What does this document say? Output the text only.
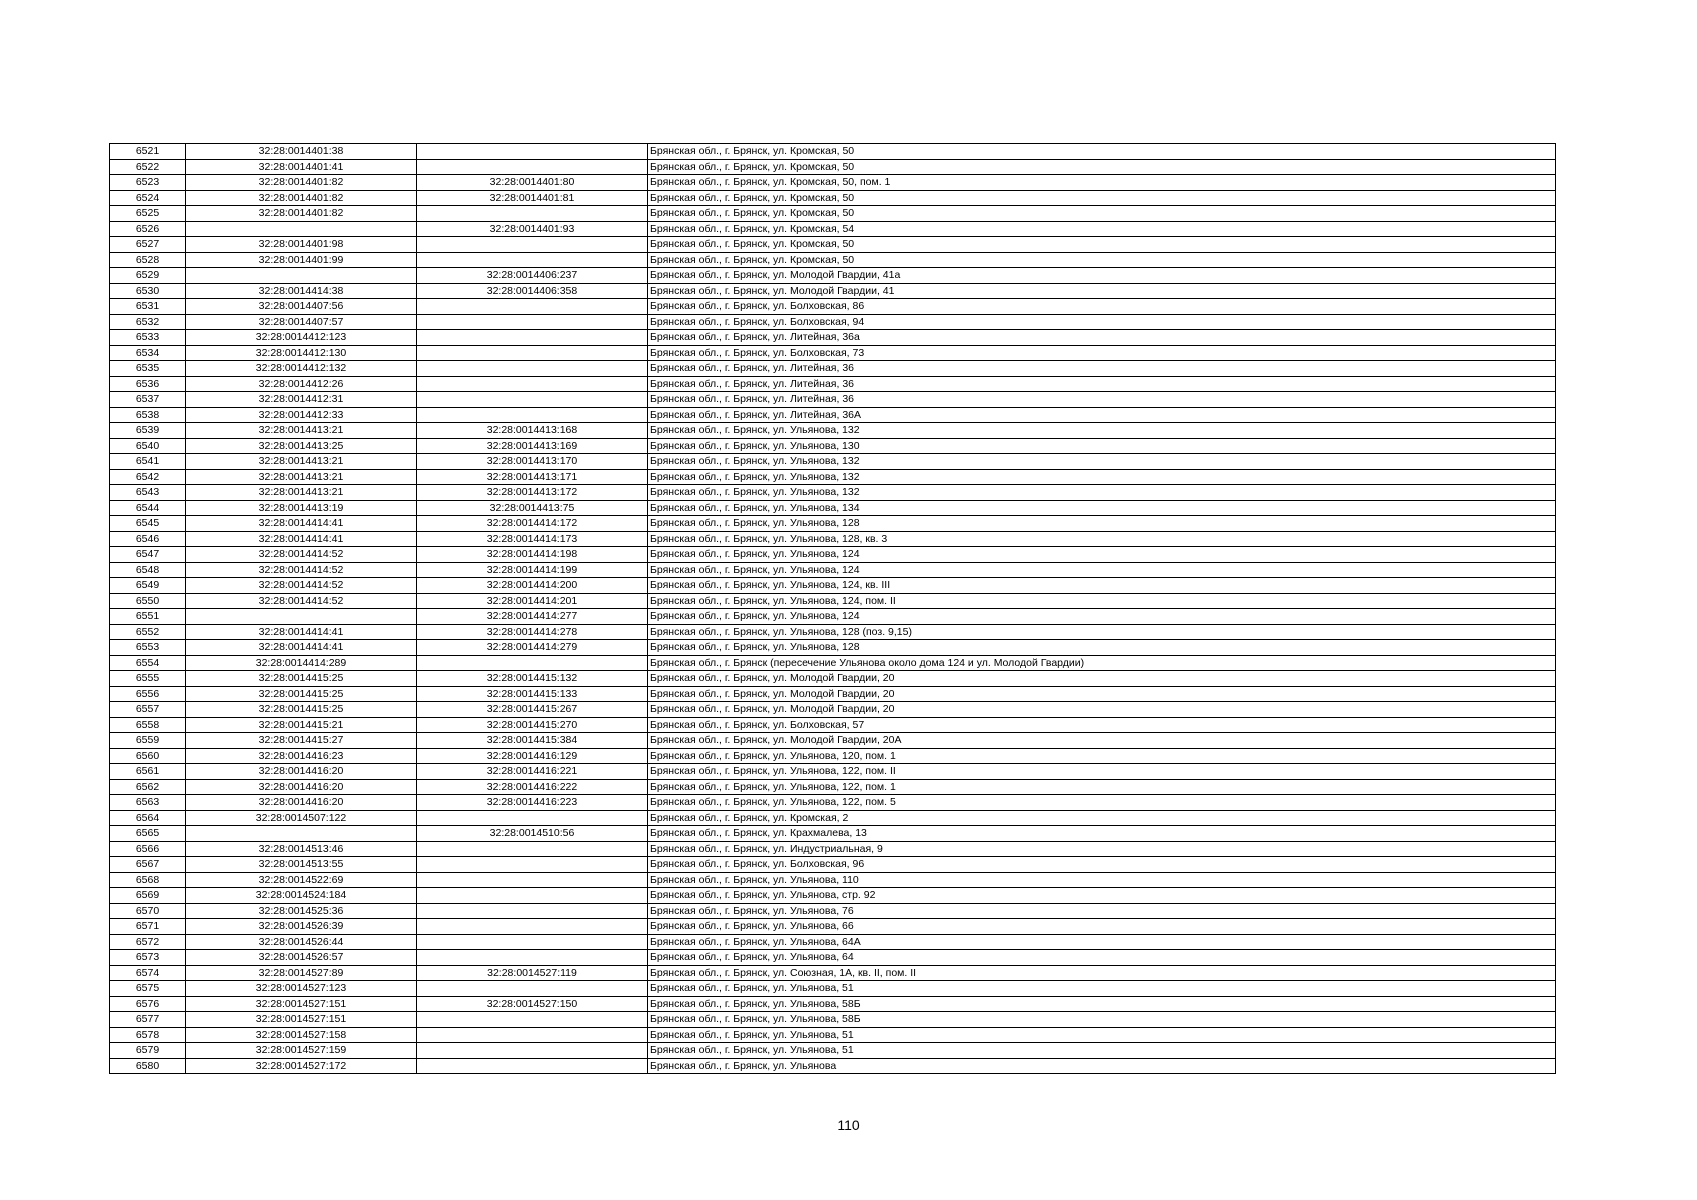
6521	32:28:0014401:38		Брянская обл., г. Брянск, ул. Кромская, 50
6522	32:28:0014401:41		Брянская обл., г. Брянск, ул. Кромская, 50
6523	32:28:0014401:82	32:28:0014401:80	Брянская обл., г. Брянск, ул. Кромская, 50, пом. 1
6524	32:28:0014401:82	32:28:0014401:81	Брянская обл., г. Брянск, ул. Кромская, 50
6525	32:28:0014401:82		Брянская обл., г. Брянск, ул. Кромская, 50
6526		32:28:0014401:93	Брянская обл., г. Брянск, ул. Кромская, 54
6527	32:28:0014401:98		Брянская обл., г. Брянск, ул. Кромская, 50
6528	32:28:0014401:99		Брянская обл., г. Брянск, ул. Кромская, 50
6529		32:28:0014406:237	Брянская обл., г. Брянск, ул. Молодой Гвардии, 41а
6530	32:28:0014414:38	32:28:0014406:358	Брянская обл., г. Брянск, ул. Молодой Гвардии, 41
6531	32:28:0014407:56		Брянская обл., г. Брянск, ул. Болховская, 86
6532	32:28:0014407:57		Брянская обл., г. Брянск, ул. Болховская, 94
6533	32:28:0014412:123		Брянская обл., г. Брянск, ул. Литейная, 36а
6534	32:28:0014412:130		Брянская обл., г. Брянск, ул. Болховская, 73
6535	32:28:0014412:132		Брянская обл., г. Брянск, ул. Литейная, 36
6536	32:28:0014412:26		Брянская обл., г. Брянск, ул. Литейная, 36
6537	32:28:0014412:31		Брянская обл., г. Брянск, ул. Литейная, 36
6538	32:28:0014412:33		Брянская обл., г. Брянск, ул. Литейная, 36А
6539	32:28:0014413:21	32:28:0014413:168	Брянская обл., г. Брянск, ул. Ульянова, 132
6540	32:28:0014413:25	32:28:0014413:169	Брянская обл., г. Брянск, ул. Ульянова, 130
6541	32:28:0014413:21	32:28:0014413:170	Брянская обл., г. Брянск, ул. Ульянова, 132
6542	32:28:0014413:21	32:28:0014413:171	Брянская обл., г. Брянск, ул. Ульянова, 132
6543	32:28:0014413:21	32:28:0014413:172	Брянская обл., г. Брянск, ул. Ульянова, 132
6544	32:28:0014413:19	32:28:0014413:75	Брянская обл., г. Брянск, ул. Ульянова, 134
6545	32:28:0014414:41	32:28:0014414:172	Брянская обл., г. Брянск, ул. Ульянова, 128
6546	32:28:0014414:41	32:28:0014414:173	Брянская обл., г. Брянск, ул. Ульянова, 128, кв. 3
6547	32:28:0014414:52	32:28:0014414:198	Брянская обл., г. Брянск, ул. Ульянова, 124
6548	32:28:0014414:52	32:28:0014414:199	Брянская обл., г. Брянск, ул. Ульянова, 124
6549	32:28:0014414:52	32:28:0014414:200	Брянская обл., г. Брянск, ул. Ульянова, 124, кв. III
6550	32:28:0014414:52	32:28:0014414:201	Брянская обл., г. Брянск, ул. Ульянова, 124, пом. II
6551		32:28:0014414:277	Брянская обл., г. Брянск, ул. Ульянова, 124
6552	32:28:0014414:41	32:28:0014414:278	Брянская обл., г. Брянск, ул. Ульянова, 128 (поз. 9,15)
6553	32:28:0014414:41	32:28:0014414:279	Брянская обл., г. Брянск, ул. Ульянова, 128
6554	32:28:0014414:289		Брянская обл., г. Брянск (пересечение Ульянова около дома 124 и ул. Молодой Гвардии)
6555	32:28:0014415:25	32:28:0014415:132	Брянская обл., г. Брянск, ул. Молодой Гвардии, 20
6556	32:28:0014415:25	32:28:0014415:133	Брянская обл., г. Брянск, ул. Молодой Гвардии, 20
6557	32:28:0014415:25	32:28:0014415:267	Брянская обл., г. Брянск, ул. Молодой Гвардии, 20
6558	32:28:0014415:21	32:28:0014415:270	Брянская обл., г. Брянск, ул. Болховская, 57
6559	32:28:0014415:27	32:28:0014415:384	Брянская обл., г. Брянск, ул. Молодой Гвардии, 20А
6560	32:28:0014416:23	32:28:0014416:129	Брянская обл., г. Брянск, ул. Ульянова, 120, пом. 1
6561	32:28:0014416:20	32:28:0014416:221	Брянская обл., г. Брянск, ул. Ульянова, 122, пом. II
6562	32:28:0014416:20	32:28:0014416:222	Брянская обл., г. Брянск, ул. Ульянова, 122, пом. 1
6563	32:28:0014416:20	32:28:0014416:223	Брянская обл., г. Брянск, ул. Ульянова, 122, пом. 5
6564	32:28:0014507:122		Брянская обл., г. Брянск, ул. Кромская, 2
6565		32:28:0014510:56	Брянская обл., г. Брянск, ул. Крахмалева, 13
6566	32:28:0014513:46		Брянская обл., г. Брянск, ул. Индустриальная, 9
6567	32:28:0014513:55		Брянская обл., г. Брянск, ул. Болховская, 96
6568	32:28:0014522:69		Брянская обл., г. Брянск, ул. Ульянова, 110
6569	32:28:0014524:184		Брянская обл., г. Брянск, ул. Ульянова, стр. 92
6570	32:28:0014525:36		Брянская обл., г. Брянск, ул. Ульянова, 76
6571	32:28:0014526:39		Брянская обл., г. Брянск, ул. Ульянова, 66
6572	32:28:0014526:44		Брянская обл., г. Брянск, ул. Ульянова, 64А
6573	32:28:0014526:57		Брянская обл., г. Брянск, ул. Ульянова, 64
6574	32:28:0014527:89	32:28:0014527:119	Брянская обл., г. Брянск, ул. Союзная, 1А, кв. II, пом. II
6575	32:28:0014527:123		Брянская обл., г. Брянск, ул. Ульянова, 51
6576	32:28:0014527:151	32:28:0014527:150	Брянская обл., г. Брянск, ул. Ульянова, 58Б
6577	32:28:0014527:151		Брянская обл., г. Брянск, ул. Ульянова, 58Б
6578	32:28:0014527:158		Брянская обл., г. Брянск, ул. Ульянова, 51
6579	32:28:0014527:159		Брянская обл., г. Брянск, ул. Ульянова, 51
6580	32:28:0014527:172		Брянская обл., г. Брянск, ул. Ульянова
110
